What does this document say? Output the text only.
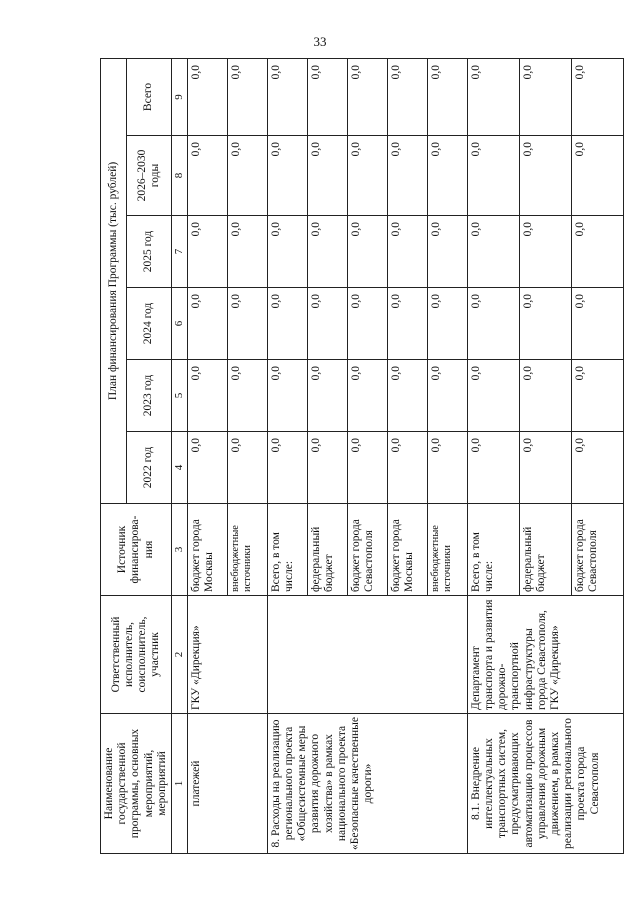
33
Наименование государственной программы, основных мероприятий, мероприятий	Ответственный исполнитель, соисполнитель, участник	Источник финансирова-ния	План финансирования Программы (тыс. рублей)					
			2022 год	2023 год	2024 год	2025 год	2026–2030 годы	Всего
1	2	3	4	5	6	7	8	9
платежей	ГКУ «Дирекция»	бюджет города Москвы	0,0	0,0	0,0	0,0	0,0	0,0
		внебюджетные источники	0,0	0,0	0,0	0,0	0,0	0,0
8. Расходы на реализацию регионального проекта «Общесистемные меры развития дорожного хозяйства» в рамках национального проекта «Безопасные качественные дороги»		Всего, в том числе:	0,0	0,0	0,0	0,0	0,0	0,0
		федеральный бюджет	0,0	0,0	0,0	0,0	0,0	0,0
		бюджет города Севастополя	0,0	0,0	0,0	0,0	0,0	0,0
		бюджет города Москвы	0,0	0,0	0,0	0,0	0,0	0,0
		внебюджетные источники	0,0	0,0	0,0	0,0	0,0	0,0
8.1. Внедрение интеллектуальных транспортных систем, предусматривающих автоматизацию процессов управления дорожным движением, в рамках реализации регионального проекта города Севастополя	Департамент транспорта и развития дорожно-транспортной инфраструктуры города Севастополя, ГКУ «Дирекция»	Всего, в том числе:	0,0	0,0	0,0	0,0	0,0	0,0
		федеральный бюджет	0,0	0,0	0,0	0,0	0,0	0,0
		бюджет города Севастополя	0,0	0,0	0,0	0,0	0,0	0,0
